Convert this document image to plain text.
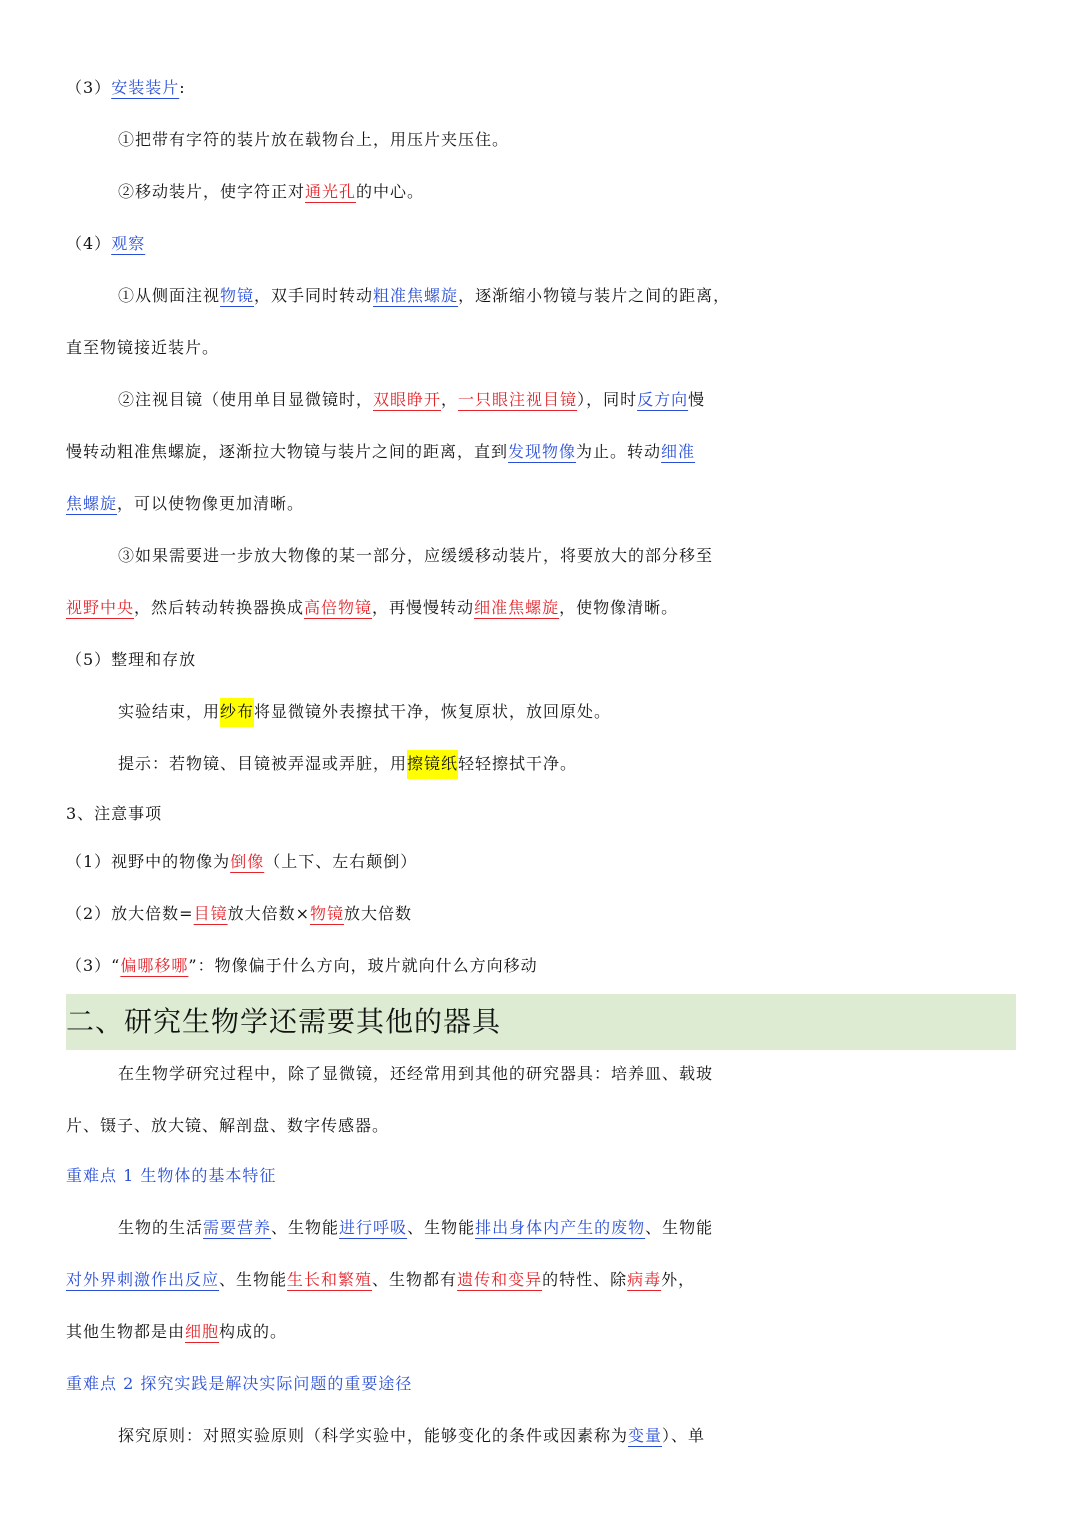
（3）安装装片:
①把带有字符的装片放在载物台上，用压片夹压住。
②移动装片，使字符正对通光孔的中心。
（4）观察
①从侧面注视物镜，双手同时转动粗准焦螺旋，逐渐缩小物镜与装片之间的距离，
直至物镜接近装片。
②注视目镜（使用单目显微镜时，双眼睁开，一只眼注视目镜），同时反方向慢
慢转动粗准焦螺旋，逐渐拉大物镜与装片之间的距离，直到发现物像为止。转动细准
焦螺旋，可以使物像更加清晰。
③如果需要进一步放大物像的某一部分，应缓缓移动装片，将要放大的部分移至
视野中央，然后转动转换器换成高倍物镜，再慢慢转动细准焦螺旋，使物像清晰。
（5）整理和存放
实验结束，用纱布将显微镜外表擦拭干净，恢复原状，放回原处。
提示：若物镜、目镜被弄湿或弄脏，用擦镜纸轻轻擦拭干净。
3、注意事项
（1）视野中的物像为倒像（上下、左右颠倒）
（2）放大倍数=目镜放大倍数×物镜放大倍数
（3）“偏哪移哪”：物像偏于什么方向，玻片就向什么方向移动
二、研究生物学还需要其他的器具
在生物学研究过程中，除了显微镜，还经常用到其他的研究器具：培养皿、载玻
片、镊子、放大镜、解剖盘、数字传感器。
重难点 1 生物体的基本特征
生物的生活需要营养、生物能进行呼吸、生物能排出身体内产生的废物、生物能
对外界刺激作出反应、生物能生长和繁殖、生物都有遗传和变异的特性、除病毒外，
其他生物都是由细胞构成的。
重难点 2 探究实践是解决实际问题的重要途径
探究原则：对照实验原则（科学实验中，能够变化的条件或因素称为变量）、单
